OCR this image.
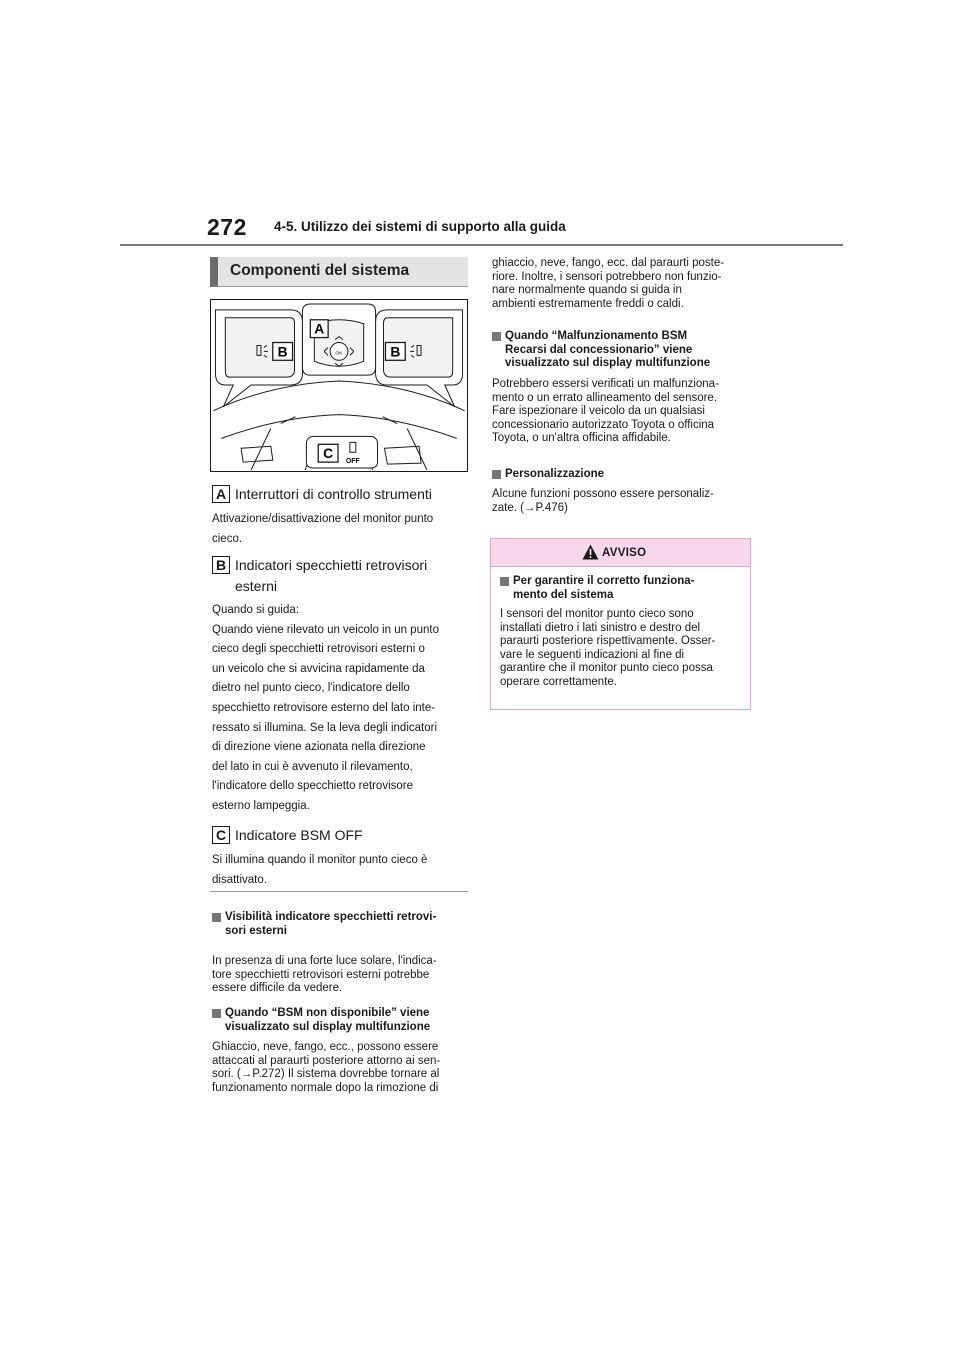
272 4-5. Utilizzo dei sistemi di supporto alla guida
Componenti del sistema
A
B	B
C
OK
OFF
A Interruttori di controllo strumenti
Attivazione/disattivazione del monitor punto
cieco.
B Indicatori specchietti retrovisori
esterni
Quando si guida:
Quando viene rilevato un veicolo in un punto
cieco degli specchietti retrovisori esterni o
un veicolo che si avvicina rapidamente da
dietro nel punto cieco, l'indicatore dello
specchietto retrovisore esterno del lato inte-
ressato si illumina. Se la leva degli indicatori
di direzione viene azionata nella direzione
del lato in cui è avvenuto il rilevamento,
l'indicatore dello specchietto retrovisore
esterno lampeggia.
C Indicatore BSM OFF
Si illumina quando il monitor punto cieco è
disattivato.
Visibilità indicatore specchietti retrovi-
sori esterni
In presenza di una forte luce solare, l'indica-
tore specchietti retrovisori esterni potrebbe
essere difficile da vedere.
Quando “BSM non disponibile” viene
visualizzato sul display multifunzione
Ghiaccio, neve, fango, ecc., possono essere
attaccati al paraurti posteriore attorno ai sen-
sori. (→P.272) Il sistema dovrebbe tornare al
funzionamento normale dopo la rimozione di
ghiaccio, neve, fango, ecc. dal paraurti poste-
riore. Inoltre, i sensori potrebbero non funzio-
nare normalmente quando si guida in
ambienti estremamente freddi o caldi.
Quando “Malfunzionamento BSM
Recarsi dal concessionario” viene
visualizzato sul display multifunzione
Potrebbero essersi verificati un malfunziona-
mento o un errato allineamento del sensore.
Fare ispezionare il veicolo da un qualsiasi
concessionario autorizzato Toyota o officina
Toyota, o un'altra officina affidabile.
Personalizzazione
Alcune funzioni possono essere personaliz-
zate. (→P.476)
AVVISO
Per garantire il corretto funziona-
mento del sistema
I sensori del monitor punto cieco sono
installati dietro i lati sinistro e destro del
paraurti posteriore rispettivamente. Osser-
vare le seguenti indicazioni al fine di
garantire che il monitor punto cieco possa
operare correttamente.
